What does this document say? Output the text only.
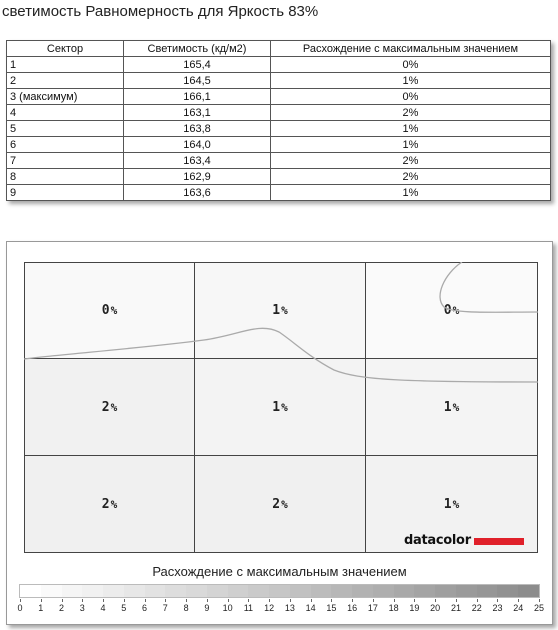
светимость Равномерность для Яркость 83%
Сектор	Светимость (кд/м2)	Расхождение с максимальным значением
1	165,4	0%
2	164,5	1%
3 (максимум)	166,1	0%
4	163,1	2%
5	163,8	1%
6	164,0	1%
7	163,4	2%
8	162,9	2%
9	163,6	1%
0 %	1 %	0 %
2 %	1 %	1 %
2 %	2 %	1 %
datacolor
Расхождение с максимальным значением
0	1	2	3	4	5	6	7	8	9	10	11	12	13	14	15	16	17	18	19	20	21	22	23	24	25
